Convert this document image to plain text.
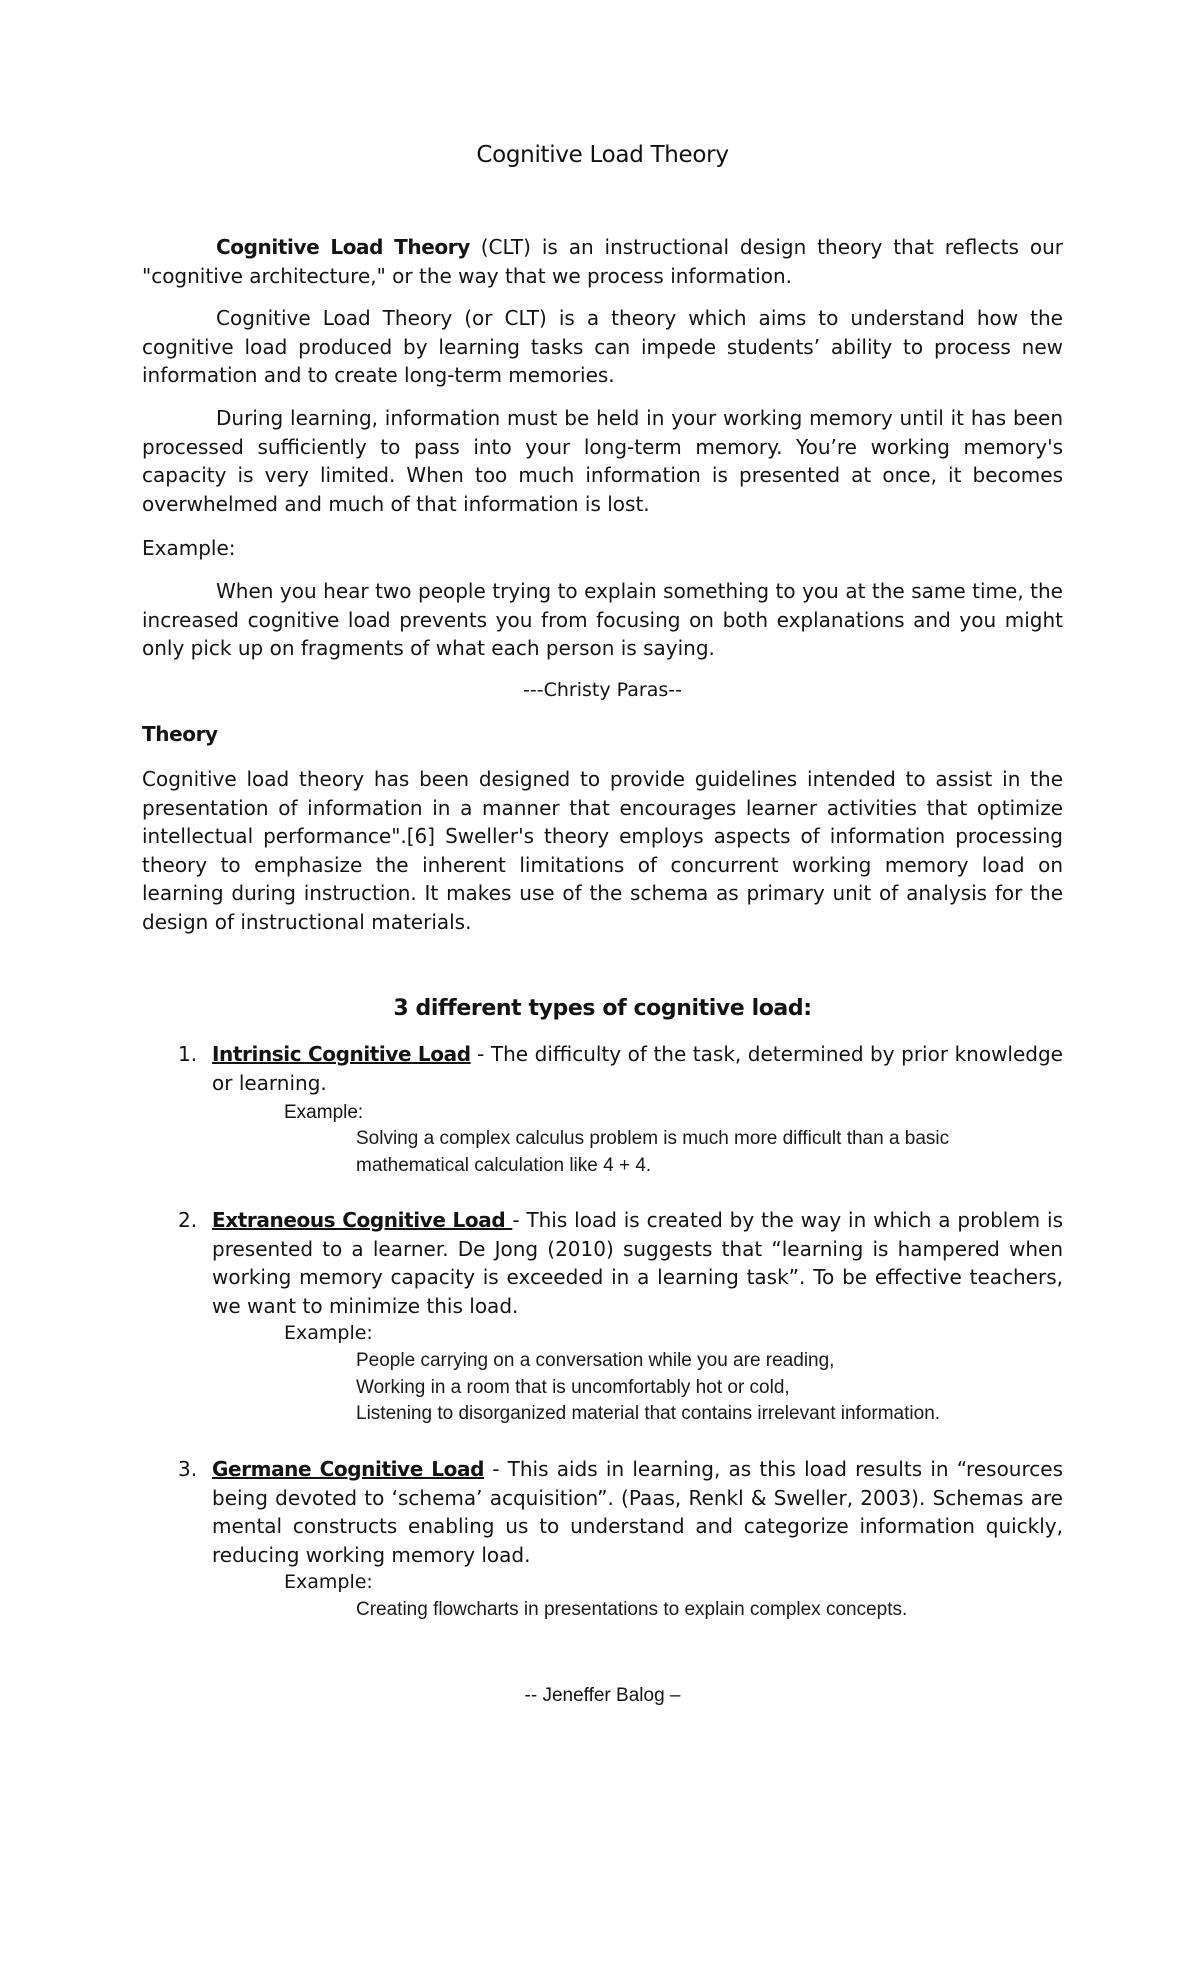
Cognitive Load Theory

Cognitive Load Theory (CLT) is an instructional design theory that reflects our "cognitive architecture," or the way that we process information.

Cognitive Load Theory (or CLT) is a theory which aims to understand how the cognitive load produced by learning tasks can impede students’ ability to process new information and to create long-term memories.

During learning, information must be held in your working memory until it has been processed sufficiently to pass into your long-term memory. You’re working memory's capacity is very limited. When too much information is presented at once, it becomes overwhelmed and much of that information is lost.

Example:

When you hear two people trying to explain something to you at the same time, the increased cognitive load prevents you from focusing on both explanations and you might only pick up on fragments of what each person is saying.

---Christy Paras--

Theory

Cognitive load theory has been designed to provide guidelines intended to assist in the presentation of information in a manner that encourages learner activities that optimize intellectual performance".[6] Sweller's theory employs aspects of information processing theory to emphasize the inherent limitations of concurrent working memory load on learning during instruction. It makes use of the schema as primary unit of analysis for the design of instructional materials.

3 different types of cognitive load:

1. Intrinsic Cognitive Load - The difficulty of the task, determined by prior knowledge or learning.

Example:

Solving a complex calculus problem is much more difficult than a basic
mathematical calculation like 4 + 4.
2. Extraneous Cognitive Load - This load is created by the way in which a problem is presented to a learner. De Jong (2010) suggests that “learning is hampered when working memory capacity is exceeded in a learning task”. To be effective teachers, we want to minimize this load.

Example:

People carrying on a conversation while you are reading,
Working in a room that is uncomfortably hot or cold,
Listening to disorganized material that contains irrelevant information.
3. Germane Cognitive Load - This aids in learning, as this load results in “resources being devoted to ‘schema’ acquisition”. (Paas, Renkl & Sweller, 2003). Schemas are mental constructs enabling us to understand and categorize information quickly, reducing working memory load.

Example:

Creating flowcharts in presentations to explain complex concepts.

-- Jeneffer Balog –
